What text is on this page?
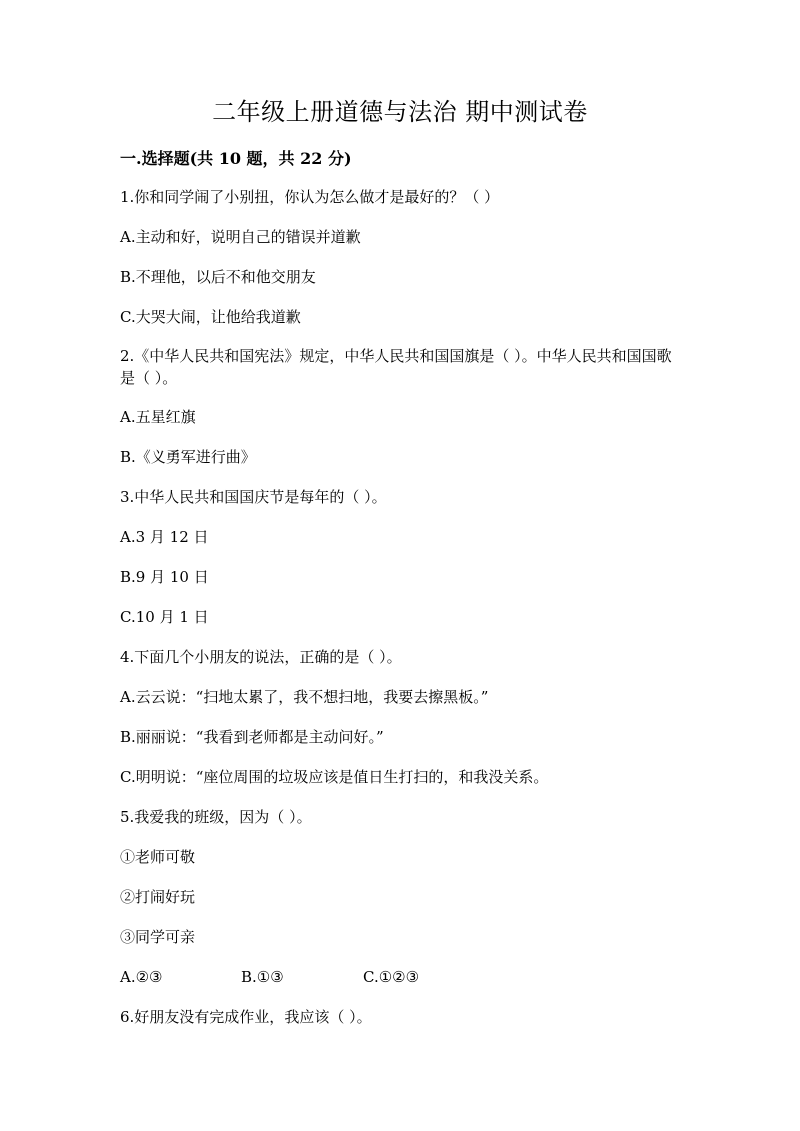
二年级上册道德与法治 期中测试卷
一.选择题(共 10 题，共 22 分)
1.你和同学闹了小别扭，你认为怎么做才是最好的？（ ）
A.主动和好，说明自己的错误并道歉
B.不理他，以后不和他交朋友
C.大哭大闹，让他给我道歉
2.《中华人民共和国宪法》规定，中华人民共和国国旗是（ ）。中华人民共和国国歌是（ ）。
A.五星红旗
B.《义勇军进行曲》
3.中华人民共和国国庆节是每年的（ ）。
A.3 月 12 日
B.9 月 10 日
C.10 月 1 日
4.下面几个小朋友的说法，正确的是（ ）。
A.云云说：“扫地太累了，我不想扫地，我要去擦黑板。”
B.丽丽说：“我看到老师都是主动问好。”
C.明明说：“座位周围的垃圾应该是值日生打扫的，和我没关系。
5.我爱我的班级，因为（ ）。
①老师可敬
②打闹好玩
③同学可亲
A.②③	B.①③	C.①②③
6.好朋友没有完成作业，我应该（ ）。
